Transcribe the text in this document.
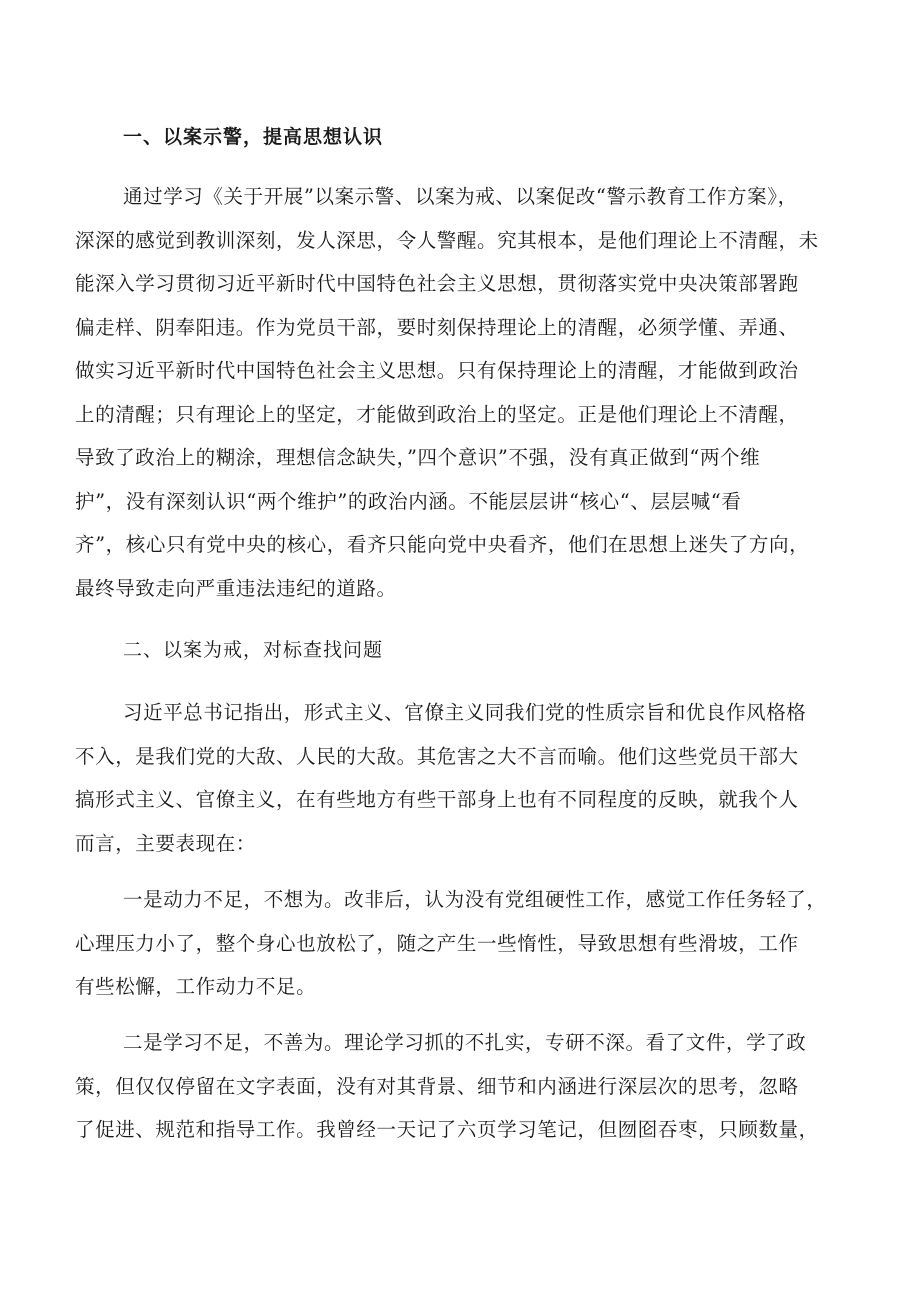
一、以案示警，提高思想认识
通过学习《关于开展”以案示警、以案为戒、以案促改“警示教育工作方案》，
深深的感觉到教训深刻，发人深思，令人警醒。究其根本，是他们理论上不清醒，未
能深入学习贯彻习近平新时代中国特色社会主义思想，贯彻落实党中央决策部署跑
偏走样、阴奉阳违。作为党员干部，要时刻保持理论上的清醒，必须学懂、弄通、
做实习近平新时代中国特色社会主义思想。只有保持理论上的清醒，才能做到政治
上的清醒；只有理论上的坚定，才能做到政治上的坚定。正是他们理论上不清醒，
导致了政治上的糊涂，理想信念缺失，”四个意识”不强，没有真正做到“两个维
护”，没有深刻认识“两个维护”的政治内涵。不能层层讲“核心“、层层喊“看
齐”，核心只有党中央的核心，看齐只能向党中央看齐，他们在思想上迷失了方向，
最终导致走向严重违法违纪的道路。
二、以案为戒，对标查找问题
习近平总书记指出，形式主义、官僚主义同我们党的性质宗旨和优良作风格格
不入，是我们党的大敌、人民的大敌。其危害之大不言而喻。他们这些党员干部大
搞形式主义、官僚主义，在有些地方有些干部身上也有不同程度的反映，就我个人
而言，主要表现在：
一是动力不足，不想为。改非后，认为没有党组硬性工作，感觉工作任务轻了，
心理压力小了，整个身心也放松了，随之产生一些惰性，导致思想有些滑坡，工作
有些松懈，工作动力不足。
二是学习不足，不善为。理论学习抓的不扎实，专研不深。看了文件，学了政
策，但仅仅停留在文字表面，没有对其背景、细节和内涵进行深层次的思考，忽略
了促进、规范和指导工作。我曾经一天记了六页学习笔记，但囫囵吞枣，只顾数量，
